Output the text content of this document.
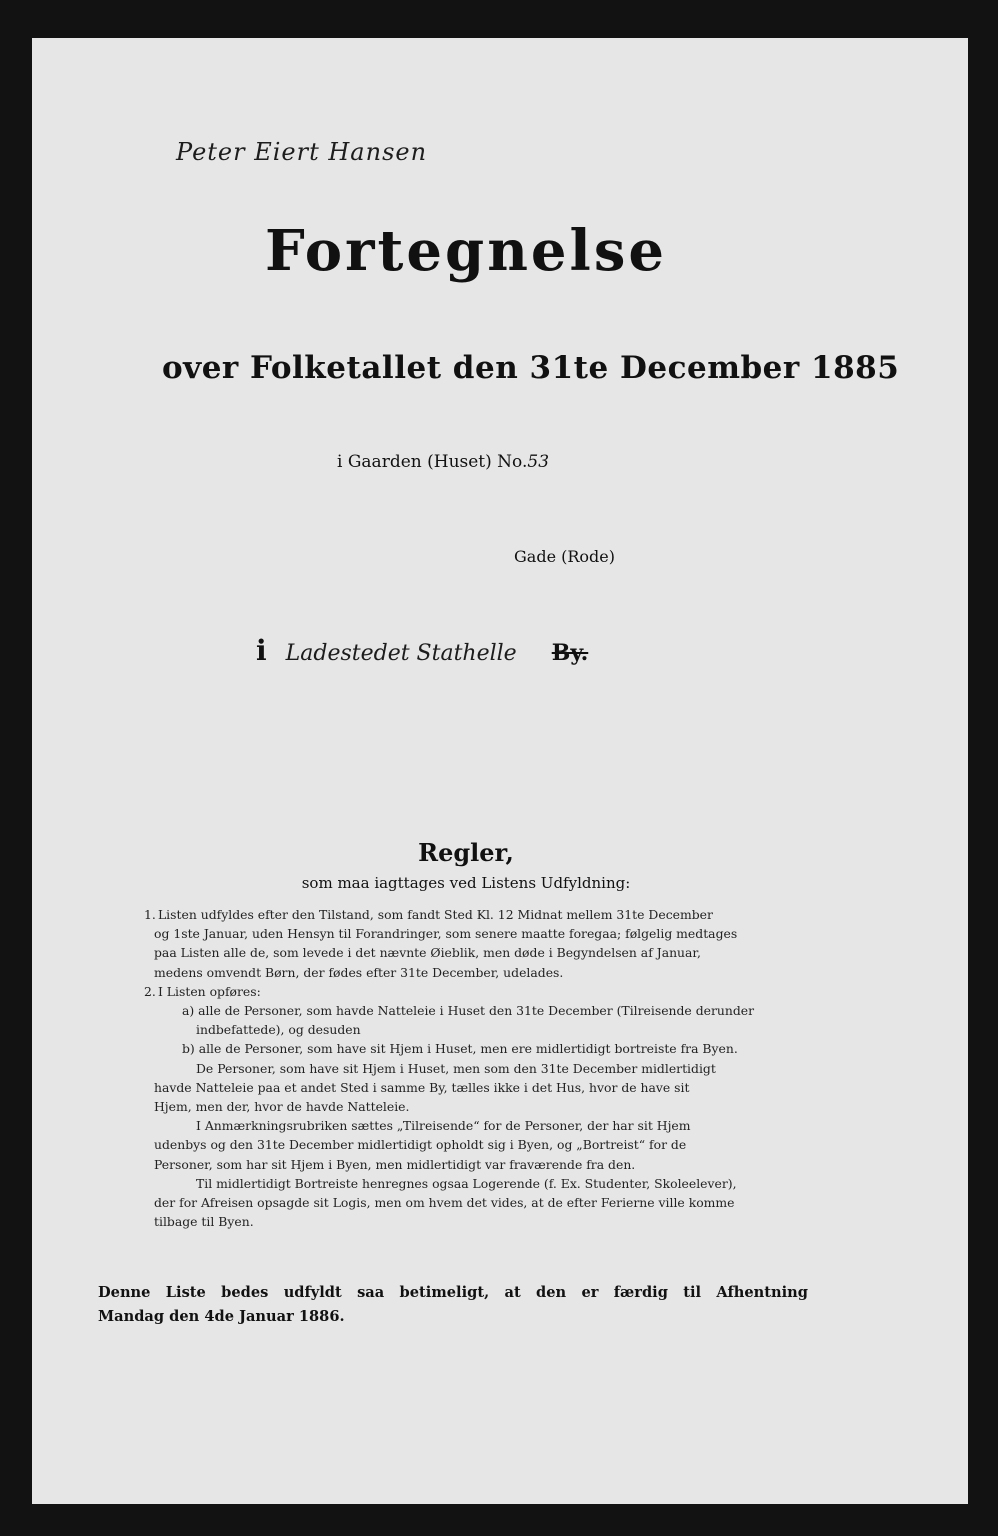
Peter Eiert Hansen
Fortegnelse
over Folketallet den 31te December 1885
i Gaarden (Huset) No.53
Gade (Rode)
i Ladestedet Stathelle By.
Regler,
som maa iagttages ved Listens Udfyldning:
1. Listen udfyldes efter den Tilstand, som fandt Sted Kl. 12 Midnat mellem 31te December
og 1ste Januar, uden Hensyn til Forandringer, som senere maatte foregaa; følgelig medtages
paa Listen alle de, som levede i det nævnte Øieblik, men døde i Begyndelsen af Januar,
medens omvendt Børn, der fødes efter 31te December, udelades.
2. I Listen opføres:
a) alle de Personer, som havde Natteleie i Huset den 31te December (Tilreisende derunder
indbefattede), og desuden
b) alle de Personer, som have sit Hjem i Huset, men ere midlertidigt bortreiste fra Byen.
De Personer, som have sit Hjem i Huset, men som den 31te December midlertidigt
havde Natteleie paa et andet Sted i samme By, tælles ikke i det Hus, hvor de have sit
Hjem, men der, hvor de havde Natteleie.
I Anmærkningsrubriken sættes „Tilreisende“ for de Personer, der har sit Hjem
udenbys og den 31te December midlertidigt opholdt sig i Byen, og „Bortreist“ for de
Personer, som har sit Hjem i Byen, men midlertidigt var fraværende fra den.
Til midlertidigt Bortreiste henregnes ogsaa Logerende (f. Ex. Studenter, Skoleelever),
der for Afreisen opsagde sit Logis, men om hvem det vides, at de efter Ferierne ville komme
tilbage til Byen.
Denne Liste bedes udfyldt saa betimeligt, at den er færdig til Afhentning
Mandag den 4de Januar 1886.
